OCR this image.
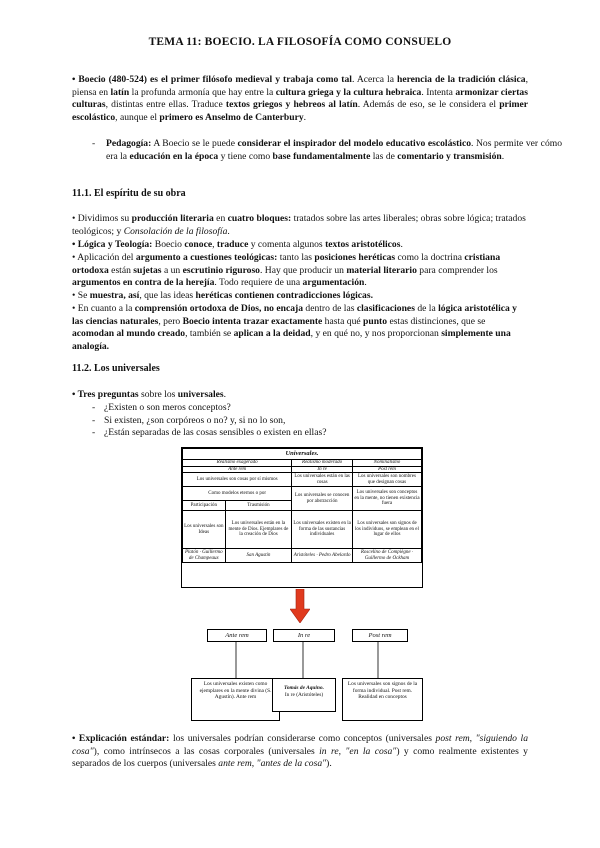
TEMA 11: BOECIO. LA FILOSOFÍA COMO CONSUELO
• Boecio (480-524) es el primer filósofo medieval y trabaja como tal. Acerca la herencia de la tradición clásica, piensa en latín la profunda armonía que hay entre la cultura griega y la cultura hebraica. Intenta armonizar ciertas culturas, distintas entre ellas. Traduce textos griegos y hebreos al latín. Además de eso, se le considera el primer escolástico, aunque el primero es Anselmo de Canterbury.
- Pedagogía: A Boecio se le puede considerar el inspirador del modelo educativo escolástico. Nos permite ver cómo era la educación en la época y tiene como base fundamentalmente las de comentario y transmisión.
11.1. El espíritu de su obra
• Dividimos su producción literaria en cuatro bloques: tratados sobre las artes liberales; obras sobre lógica; tratados teológicos; y Consolación de la filosofía.
• Lógica y Teología: Boecio conoce, traduce y comenta algunos textos aristotélicos.
• Aplicación del argumento a cuestiones teológicas: tanto las posiciones heréticas como la doctrina cristiana ortodoxa están sujetas a un escrutinio riguroso. Hay que producir un material literario para comprender los argumentos en contra de la herejía. Todo requiere de una argumentación.
• Se muestra, así, que las ideas heréticas contienen contradicciones lógicas.
• En cuanto a la comprensión ortodoxa de Dios, no encaja dentro de las clasificaciones de la lógica aristotélica y las ciencias naturales, pero Boecio intenta trazar exactamente hasta qué punto estas distinciones, que se acomodan al mundo creado, también se aplican a la deidad, y en qué no, y nos proporcionan simplemente una analogía.
11.2. Los universales
• Tres preguntas sobre los universales.
- ¿Existen o son meros conceptos?
- Si existen, ¿son corpóreos o no? y, si no lo son,
- ¿Están separadas de las cosas sensibles o existen en ellas?
Universales.			
Realismo exagerado		Realismo moderado	Nominalismo
Ante rem		In re	Post rem
Los universales son cosas por sí mismos		Los universales están en las cosas	Los universales son nombres que designan cosas
Como modelos eternos o por		Los universales se conocen por abstracción	Los universales son conceptos en la mente, no tienen existencia fuera
Participación	Trasmisión		
Los universales son Ideas	Los universales están en la mente de Dios. Ejemplares de la creación de Dios	Los universales existen en la forma de las sustancias individuales	Los universales son signos de los individuos, se emplean en el lugar de ellos
Platón · Guillermo de Champeaux	San Agustín	Aristóteles · Pedro Abelardo	Roscelino de Compiègne · Guillermo de Ockham
Ante rem	In re	Post rem
Los universales existen como ejemplares en la mente divina (S. Agustín). Ante rem
Tomás de Aquino.
In re (Aristóteles)
Los universales son signos de la forma individual. Post rem. Realidad en conceptos
• Explicación estándar: los universales podrían considerarse como conceptos (universales post rem, "siguiendo la cosa"), como intrínsecos a las cosas corporales (universales in re, "en la cosa") y como realmente existentes y separados de los cuerpos (universales ante rem, "antes de la cosa").
